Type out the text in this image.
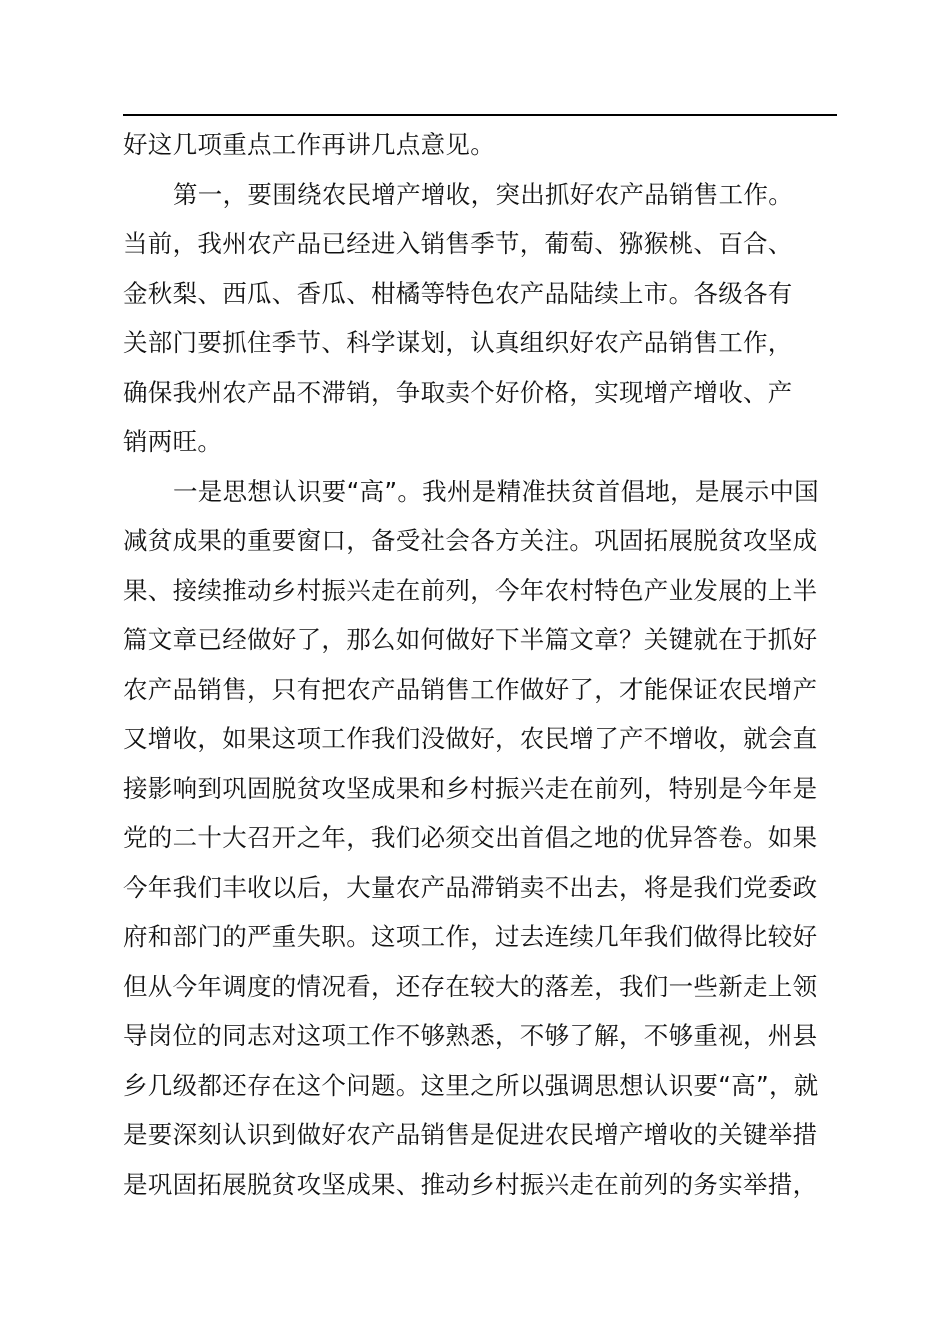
好这几项重点工作再讲几点意见。
第一，要围绕农民增产增收，突出抓好农产品销售工作。
当前，我州农产品已经进入销售季节，葡萄、猕猴桃、百合、
金秋梨、西瓜、香瓜、柑橘等特色农产品陆续上市。各级各有
关部门要抓住季节、科学谋划，认真组织好农产品销售工作，
确保我州农产品不滞销，争取卖个好价格，实现增产增收、产
销两旺。
一是思想认识要“高”。我州是精准扶贫首倡地，是展示中国
减贫成果的重要窗口，备受社会各方关注。巩固拓展脱贫攻坚成
果、接续推动乡村振兴走在前列，今年农村特色产业发展的上半
篇文章已经做好了，那么如何做好下半篇文章？关键就在于抓好
农产品销售，只有把农产品销售工作做好了，才能保证农民增产
又增收，如果这项工作我们没做好，农民增了产不增收，就会直
接影响到巩固脱贫攻坚成果和乡村振兴走在前列，特别是今年是
党的二十大召开之年，我们必须交出首倡之地的优异答卷。如果
今年我们丰收以后，大量农产品滞销卖不出去，将是我们党委政
府和部门的严重失职。这项工作，过去连续几年我们做得比较好
但从今年调度的情况看，还存在较大的落差，我们一些新走上领
导岗位的同志对这项工作不够熟悉，不够了解，不够重视，州县
乡几级都还存在这个问题。这里之所以强调思想认识要“高”，就
是要深刻认识到做好农产品销售是促进农民增产增收的关键举措
是巩固拓展脱贫攻坚成果、推动乡村振兴走在前列的务实举措，
